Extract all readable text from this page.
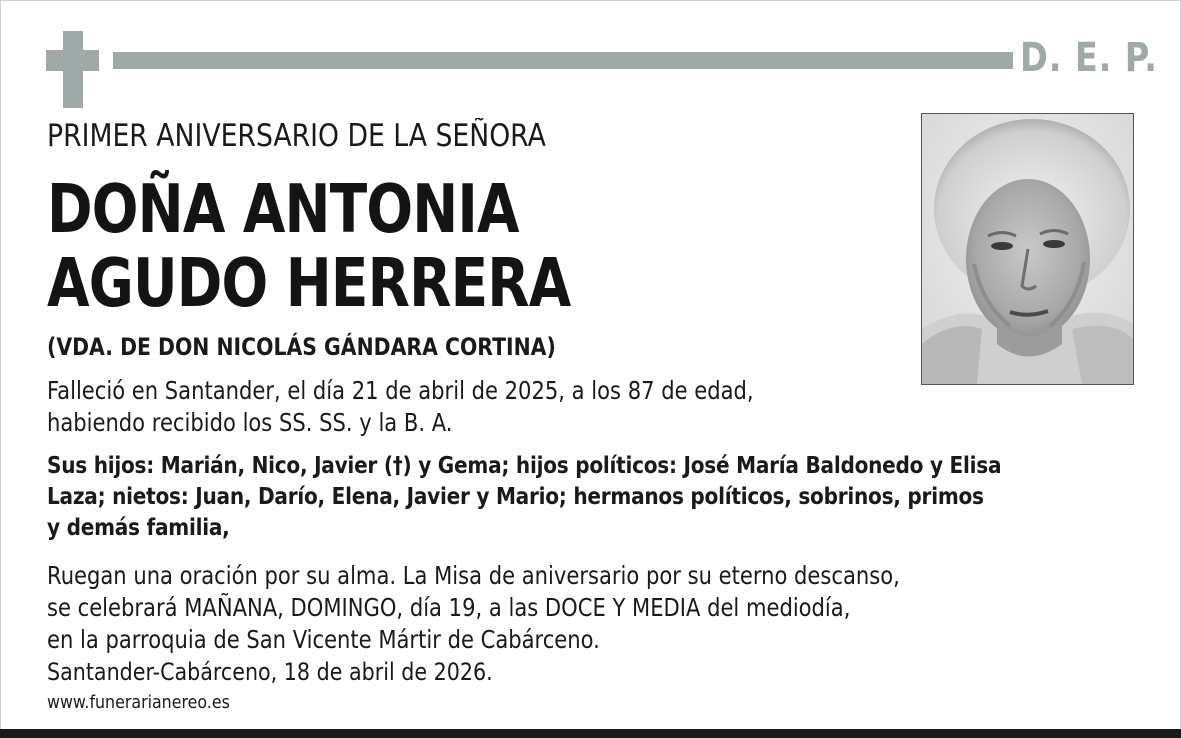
D. E. P.
PRIMER ANIVERSARIO DE LA SEÑORA
DOÑA ANTONIA
AGUDO HERRERA
(VDA. DE DON NICOLÁS GÁNDARA CORTINA)
Falleció en Santander, el día 21 de abril de 2025, a los 87 de edad,
habiendo recibido los SS. SS. y la B. A.
Sus hijos: Marián, Nico, Javier (†) y Gema; hijos políticos: José María Baldonedo y Elisa
Laza; nietos: Juan, Darío, Elena, Javier y Mario; hermanos políticos, sobrinos, primos
y demás familia,
Ruegan una oración por su alma. La Misa de aniversario por su eterno descanso,
se celebrará MAÑANA, DOMINGO, día 19, a las DOCE Y MEDIA del mediodía,
en la parroquia de San Vicente Mártir de Cabárceno.
Santander-Cabárceno, 18 de abril de 2026.
www.funerarianereo.es
